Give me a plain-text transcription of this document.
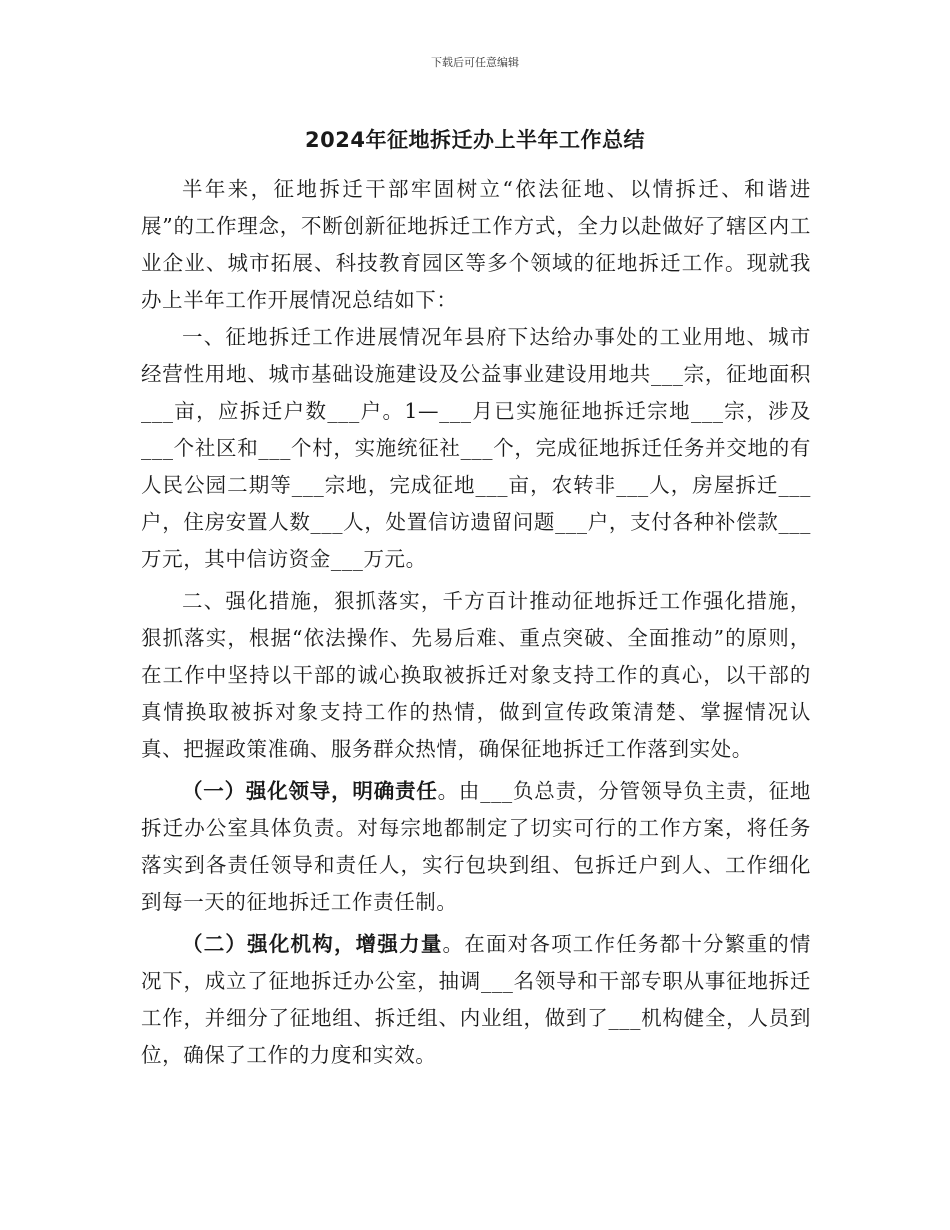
下载后可任意编辑
2024年征地拆迁办上半年工作总结

半年来，征地拆迁干部牢固树立“依法征地、以情拆迁、和谐进展”的工作理念，不断创新征地拆迁工作方式，全力以赴做好了辖区内工业企业、城市拓展、科技教育园区等多个领域的征地拆迁工作。现就我办上半年工作开展情况总结如下：

一、征地拆迁工作进展情况年县府下达给办事处的工业用地、城市经营性用地、城市基础设施建设及公益事业建设用地共___宗，征地面积___亩，应拆迁户数___户。1—___月已实施征地拆迁宗地___宗，涉及___个社区和___个村，实施统征社___个，完成征地拆迁任务并交地的有人民公园二期等___宗地，完成征地___亩，农转非___人，房屋拆迁___户，住房安置人数___人，处置信访遗留问题___户，支付各种补偿款___万元，其中信访资金___万元。

二、强化措施，狠抓落实，千方百计推动征地拆迁工作强化措施，狠抓落实，根据“依法操作、先易后难、重点突破、全面推动”的原则，在工作中坚持以干部的诚心换取被拆迁对象支持工作的真心，以干部的真情换取被拆对象支持工作的热情，做到宣传政策清楚、掌握情况认真、把握政策准确、服务群众热情，确保征地拆迁工作落到实处。

（一）强化领导，明确责任。由___负总责，分管领导负主责，征地拆迁办公室具体负责。对每宗地都制定了切实可行的工作方案，将任务落实到各责任领导和责任人，实行包块到组、包拆迁户到人、工作细化到每一天的征地拆迁工作责任制。

（二）强化机构，增强力量。在面对各项工作任务都十分繁重的情况下，成立了征地拆迁办公室，抽调___名领导和干部专职从事征地拆迁工作，并细分了征地组、拆迁组、内业组，做到了___机构健全，人员到位，确保了工作的力度和实效。
